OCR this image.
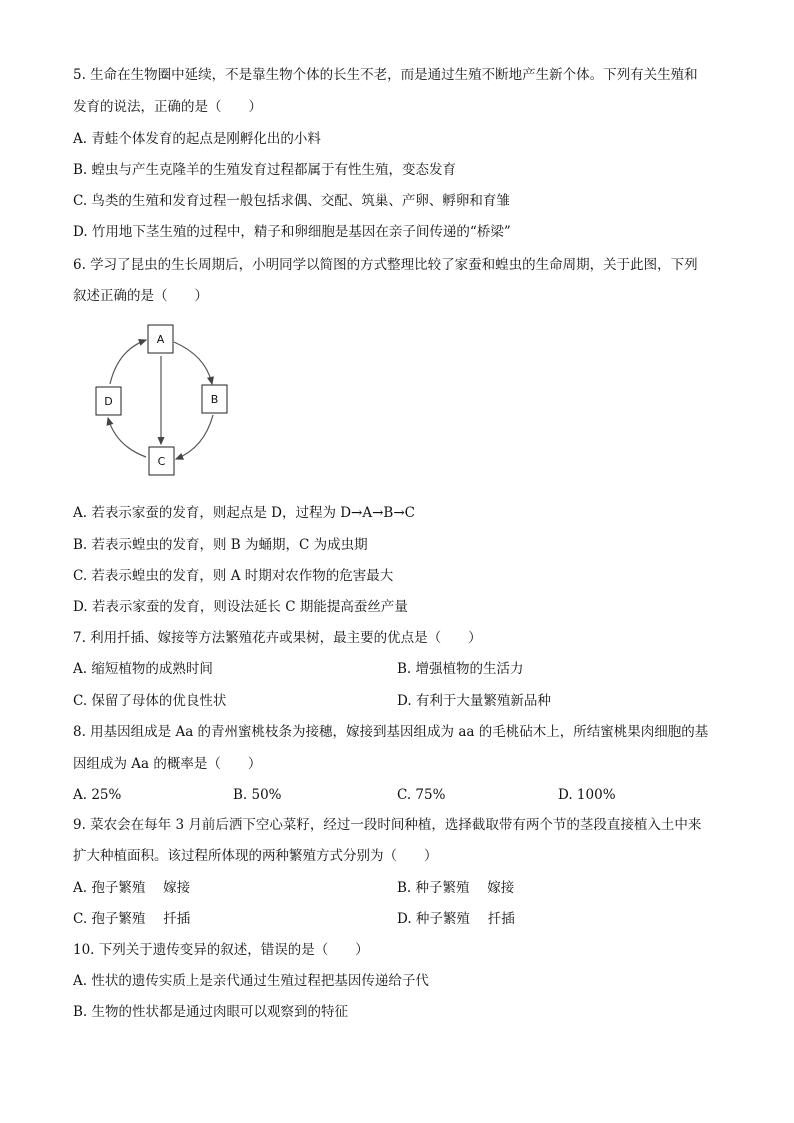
5. 生命在生物圈中延续，不是靠生物个体的长生不老，而是通过生殖不断地产生新个体。下列有关生殖和
发育的说法，正确的是（　　）
A. 青蛙个体发育的起点是刚孵化出的小料
B. 蝗虫与产生克隆羊的生殖发育过程都属于有性生殖，变态发育
C. 鸟类的生殖和发育过程一般包括求偶、交配、筑巢、产卵、孵卵和育雏
D. 竹用地下茎生殖的过程中，精子和卵细胞是基因在亲子间传递的“桥梁”
6. 学习了昆虫的生长周期后，小明同学以简图的方式整理比较了家蚕和蝗虫的生命周期，关于此图，下列
叙述正确的是（　　）
A
B
C
D
A. 若表示家蚕的发育，则起点是 D，过程为 D→A→B→C
B. 若表示蝗虫的发育，则 B 为蛹期，C 为成虫期
C. 若表示蝗虫的发育，则 A 时期对农作物的危害最大
D. 若表示家蚕的发育，则设法延长 C 期能提高蚕丝产量
7. 利用扦插、嫁接等方法繁殖花卉或果树，最主要的优点是（　　）
A. 缩短植物的成熟时间	B. 增强植物的生活力
C. 保留了母体的优良性状	D. 有利于大量繁殖新品种
8. 用基因组成是 Aa 的青州蜜桃枝条为接穗，嫁接到基因组成为 aa 的毛桃砧木上，所结蜜桃果肉细胞的基
因组成为 Aa 的概率是（　　）
A. 25%	B. 50%	C. 75%	D. 100%
9. 菜农会在每年 3 月前后洒下空心菜籽，经过一段时间种植，选择截取带有两个节的茎段直接植入土中来
扩大种植面积。该过程所体现的两种繁殖方式分别为（　　）
A. 孢子繁殖　 嫁接	B. 种子繁殖　 嫁接
C. 孢子繁殖　 扦插	D. 种子繁殖　 扦插
10. 下列关于遗传变异的叙述，错误的是（　　）
A. 性状的遗传实质上是亲代通过生殖过程把基因传递给子代
B. 生物的性状都是通过肉眼可以观察到的特征
